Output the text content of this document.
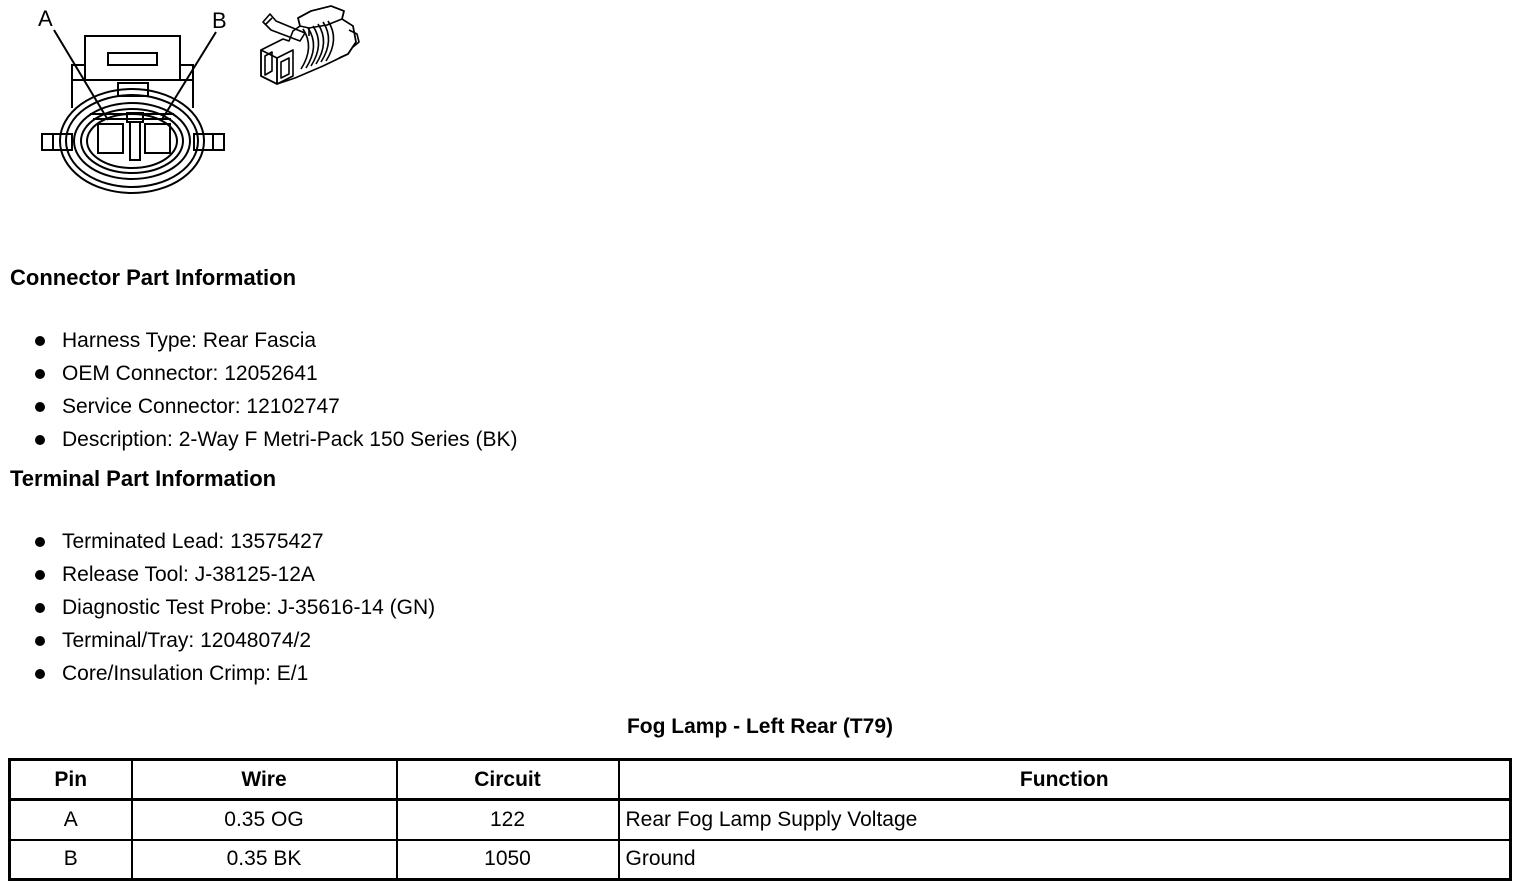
A	B
Connector Part Information
Harness Type: Rear Fascia
OEM Connector: 12052641
Service Connector: 12102747
Description: 2-Way F Metri-Pack 150 Series (BK)
Terminal Part Information
Terminated Lead: 13575427
Release Tool: J-38125-12A
Diagnostic Test Probe: J-35616-14 (GN)
Terminal/Tray: 12048074/2
Core/Insulation Crimp: E/1
Fog Lamp - Left Rear (T79)
Pin	Wire	Circuit	Function
A	0.35 OG	122	Rear Fog Lamp Supply Voltage
B	0.35 BK	1050	Ground
